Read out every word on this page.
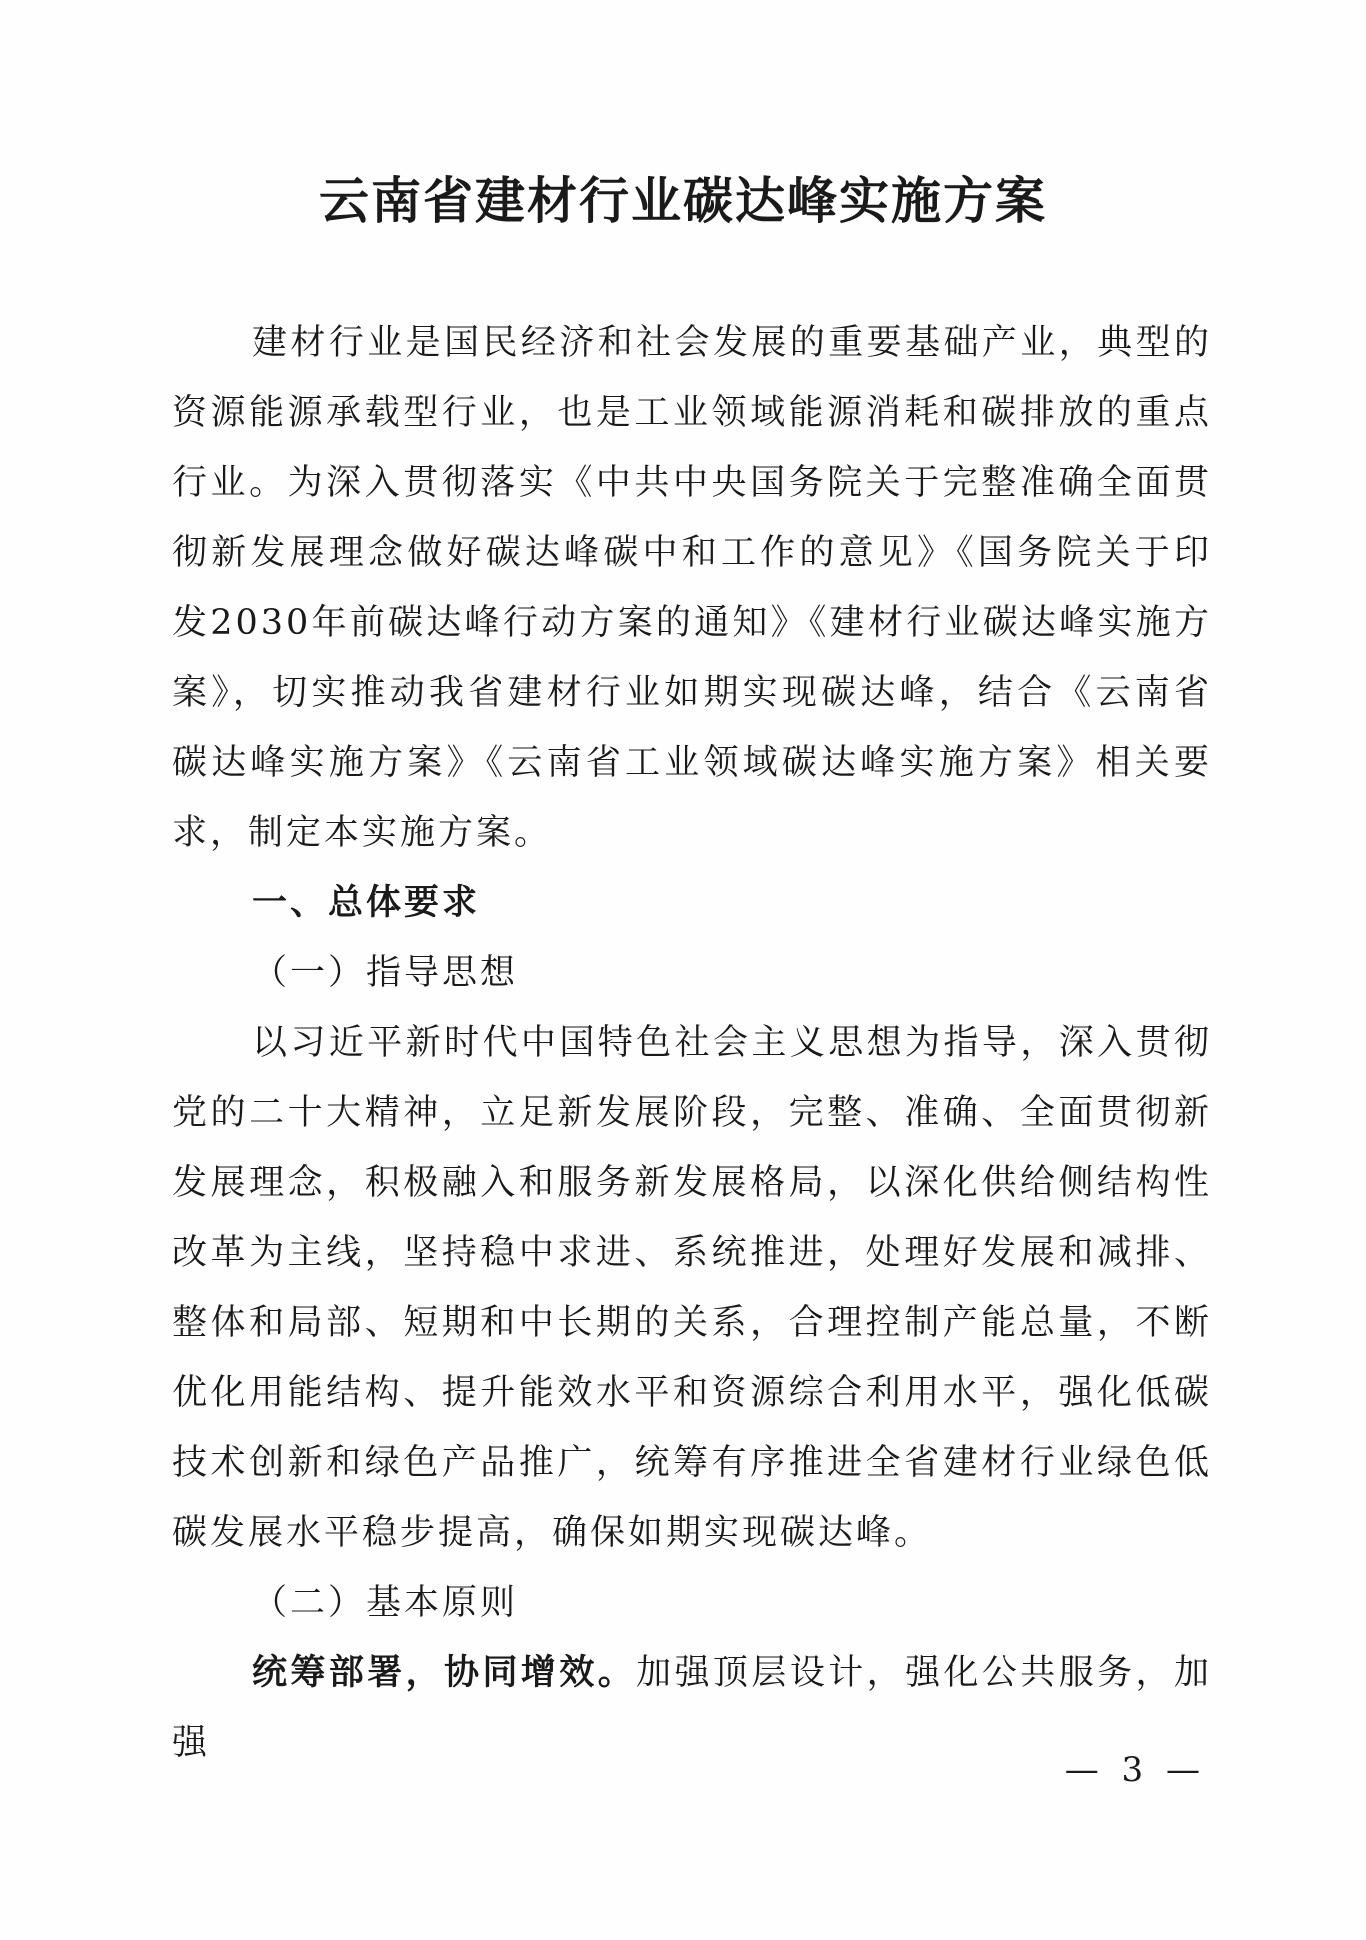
云南省建材行业碳达峰实施方案

建材行业是国民经济和社会发展的重要基础产业，典型的资源能源承载型行业，也是工业领域能源消耗和碳排放的重点行业。为深入贯彻落实《中共中央国务院关于完整准确全面贯彻新发展理念做好碳达峰碳中和工作的意见》《国务院关于印发2030年前碳达峰行动方案的通知》《建材行业碳达峰实施方案》，切实推动我省建材行业如期实现碳达峰，结合《云南省碳达峰实施方案》《云南省工业领域碳达峰实施方案》相关要求，制定本实施方案。

一、总体要求

（一）指导思想

以习近平新时代中国特色社会主义思想为指导，深入贯彻党的二十大精神，立足新发展阶段，完整、准确、全面贯彻新发展理念，积极融入和服务新发展格局，以深化供给侧结构性改革为主线，坚持稳中求进、系统推进，处理好发展和减排、整体和局部、短期和中长期的关系，合理控制产能总量，不断优化用能结构、提升能效水平和资源综合利用水平，强化低碳技术创新和绿色产品推广，统筹有序推进全省建材行业绿色低碳发展水平稳步提高，确保如期实现碳达峰。

（二）基本原则

统筹部署，协同增效。加强顶层设计，强化公共服务，加强

— 3 —
